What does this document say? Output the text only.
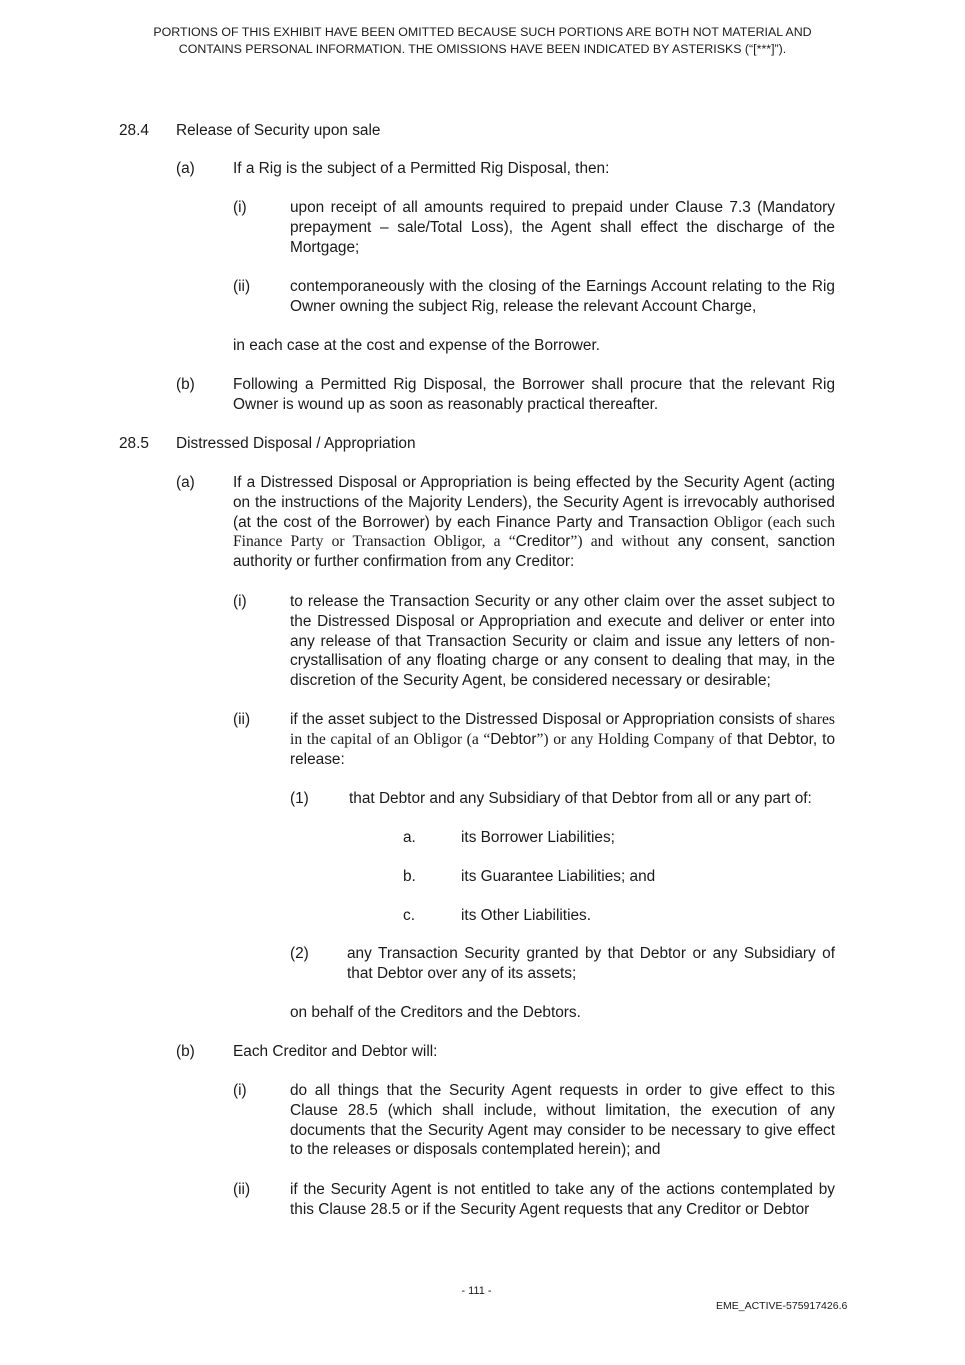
PORTIONS OF THIS EXHIBIT HAVE BEEN OMITTED BECAUSE SUCH PORTIONS ARE BOTH NOT MATERIAL AND
CONTAINS PERSONAL INFORMATION. THE OMISSIONS HAVE BEEN INDICATED BY ASTERISKS (“[***]”).
28.4 Release of Security upon sale
(a) If a Rig is the subject of a Permitted Rig Disposal, then:
(i)	upon receipt of all amounts required to prepaid under Clause 7.3 (Mandatory prepayment – sale/Total Loss), the Agent shall effect the discharge of the Mortgage;
(ii)	contemporaneously with the closing of the Earnings Account relating to the Rig Owner owning the subject Rig, release the relevant Account Charge,
in each case at the cost and expense of the Borrower.
(b) Following a Permitted Rig Disposal, the Borrower shall procure that the relevant Rig Owner is wound up as soon as reasonably practical thereafter.
28.5 Distressed Disposal / Appropriation
(a) If a Distressed Disposal or Appropriation is being effected by the Security Agent (acting on the instructions of the Majority Lenders), the Security Agent is irrevocably authorised (at the cost of the Borrower) by each Finance Party and Transaction Obligor (each such Finance Party or Transaction Obligor, a “Creditor”) and without any consent, sanction authority or further confirmation from any Creditor:
(i)	to release the Transaction Security or any other claim over the asset subject to the Distressed Disposal or Appropriation and execute and deliver or enter into any release of that Transaction Security or claim and issue any letters of non-crystallisation of any floating charge or any consent to dealing that may, in the discretion of the Security Agent, be considered necessary or desirable;
(ii)	if the asset subject to the Distressed Disposal or Appropriation consists of shares in the capital of an Obligor (a “Debtor”) or any Holding Company of that Debtor, to release:
(1)	that Debtor and any Subsidiary of that Debtor from all or any part of:
a.	its Borrower Liabilities;
b.	its Guarantee Liabilities; and
c.	its Other Liabilities.
(2) any Transaction Security granted by that Debtor or any Subsidiary of that Debtor over any of its assets;
on behalf of the Creditors and the Debtors.
(b) Each Creditor and Debtor will:
(i)	do all things that the Security Agent requests in order to give effect to this Clause 28.5 (which shall include, without limitation, the execution of any documents that the Security Agent may consider to be necessary to give effect to the releases or disposals contemplated herein); and
(ii)	if the Security Agent is not entitled to take any of the actions contemplated by this Clause 28.5 or if the Security Agent requests that any Creditor or Debtor
- 111 -
EME_ACTIVE-575917426.6
